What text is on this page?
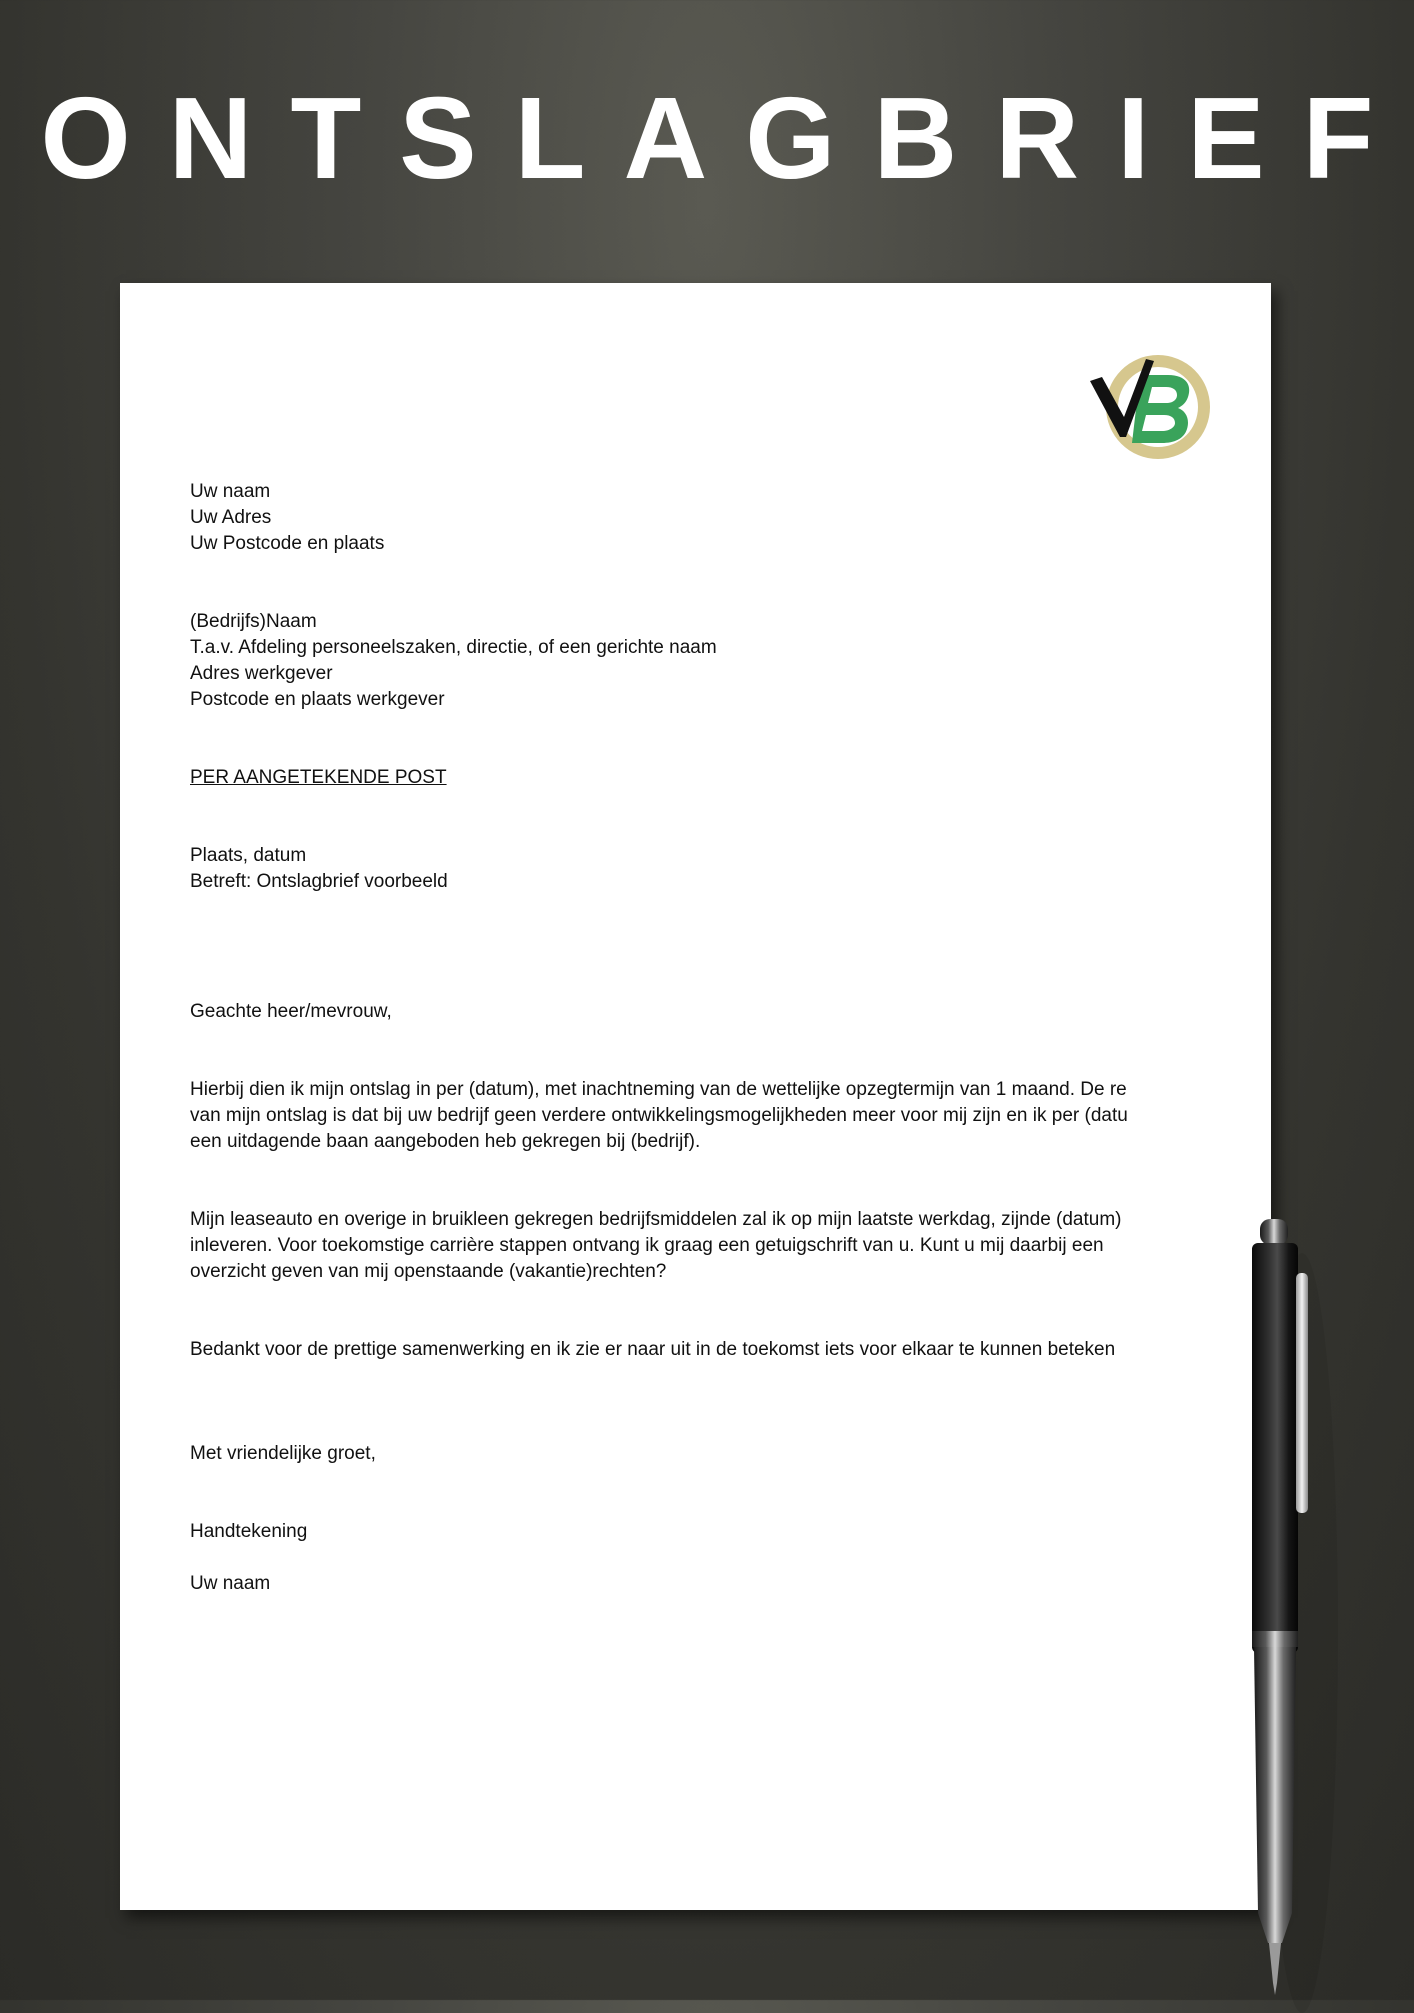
ONTSLAGBRIEF

Uw naam

Uw Adres

Uw Postcode en plaats

(Bedrijfs)Naam

T.a.v. Afdeling personeelszaken, directie, of een gerichte naam

Adres werkgever

Postcode en plaats werkgever

PER AANGETEKENDE POST

Plaats, datum

Betreft: Ontslagbrief voorbeeld

Geachte heer/mevrouw,

Hierbij dien ik mijn ontslag in per (datum), met inachtneming van de wettelijke opzegtermijn van 1 maand. De re

van mijn ontslag is dat bij uw bedrijf geen verdere ontwikkelingsmogelijkheden meer voor mij zijn en ik per (datu

een uitdagende baan aangeboden heb gekregen bij (bedrijf).

Mijn leaseauto en overige in bruikleen gekregen bedrijfsmiddelen zal ik op mijn laatste werkdag, zijnde (datum)

inleveren. Voor toekomstige carrière stappen ontvang ik graag een getuigschrift van u. Kunt u mij daarbij een

overzicht geven van mij openstaande (vakantie)rechten?

Bedankt voor de prettige samenwerking en ik zie er naar uit in de toekomst iets voor elkaar te kunnen beteken

Met vriendelijke groet,

Handtekening

Uw naam
